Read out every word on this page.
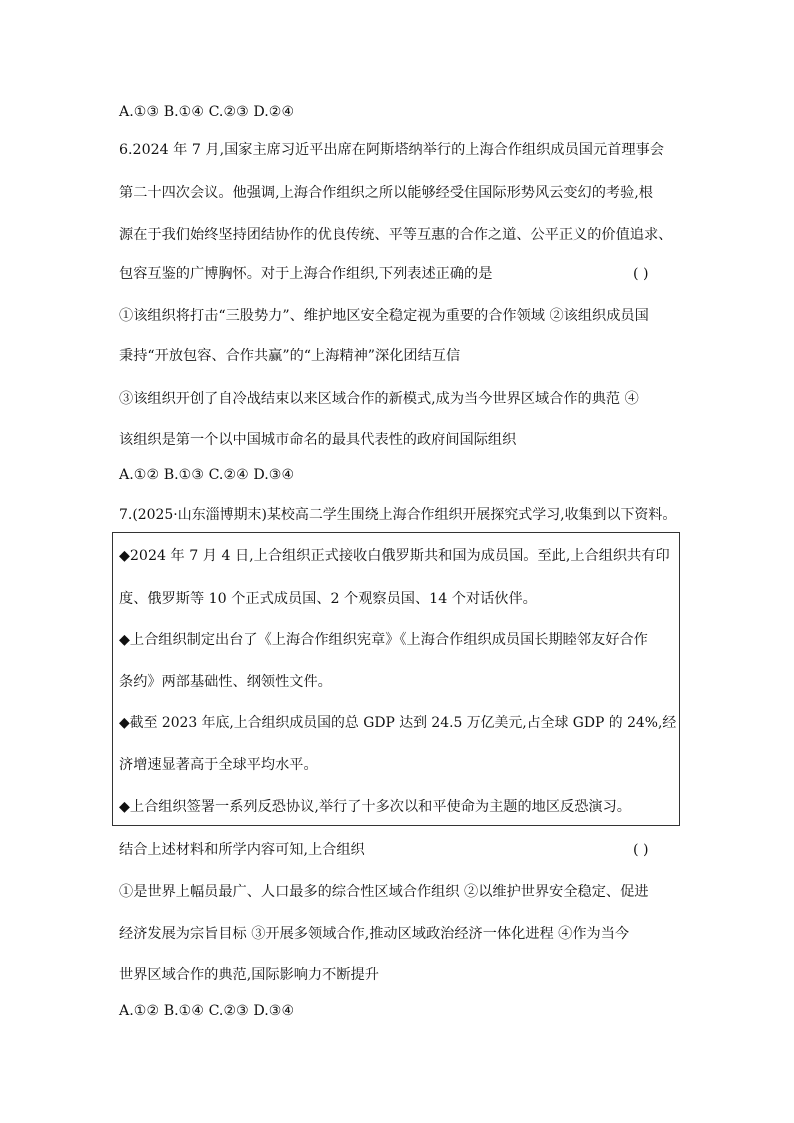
A.①③ B.①④ C.②③ D.②④
6.2024 年 7 月,国家主席习近平出席在阿斯塔纳举行的上海合作组织成员国元首理事会
第二十四次会议。他强调,上海合作组织之所以能够经受住国际形势风云变幻的考验,根
源在于我们始终坚持团结协作的优良传统、平等互惠的合作之道、公平正义的价值追求、
包容互鉴的广博胸怀。对于上海合作组织,下列表述正确的是	( )
①该组织将打击“三股势力”、维护地区安全稳定视为重要的合作领域 ②该组织成员国
秉持“开放包容、合作共赢”的“上海精神”深化团结互信
③该组织开创了自冷战结束以来区域合作的新模式,成为当今世界区域合作的典范 ④
该组织是第一个以中国城市命名的最具代表性的政府间国际组织
A.①② B.①③ C.②④ D.③④
7.(2025·山东淄博期末)某校高二学生围绕上海合作组织开展探究式学习,收集到以下资料。
◆2024 年 7 月 4 日,上合组织正式接收白俄罗斯共和国为成员国。至此,上合组织共有印
度、俄罗斯等 10 个正式成员国、2 个观察员国、14 个对话伙伴。
◆上合组织制定出台了《上海合作组织宪章》《上海合作组织成员国长期睦邻友好合作
条约》两部基础性、纲领性文件。
◆截至 2023 年底,上合组织成员国的总 GDP 达到 24.5 万亿美元,占全球 GDP 的 24%,经
济增速显著高于全球平均水平。
◆上合组织签署一系列反恐协议,举行了十多次以和平使命为主题的地区反恐演习。
结合上述材料和所学内容可知,上合组织	( )
①是世界上幅员最广、人口最多的综合性区域合作组织 ②以维护世界安全稳定、促进
经济发展为宗旨目标 ③开展多领域合作,推动区域政治经济一体化进程 ④作为当今
世界区域合作的典范,国际影响力不断提升
A.①② B.①④ C.②③ D.③④
